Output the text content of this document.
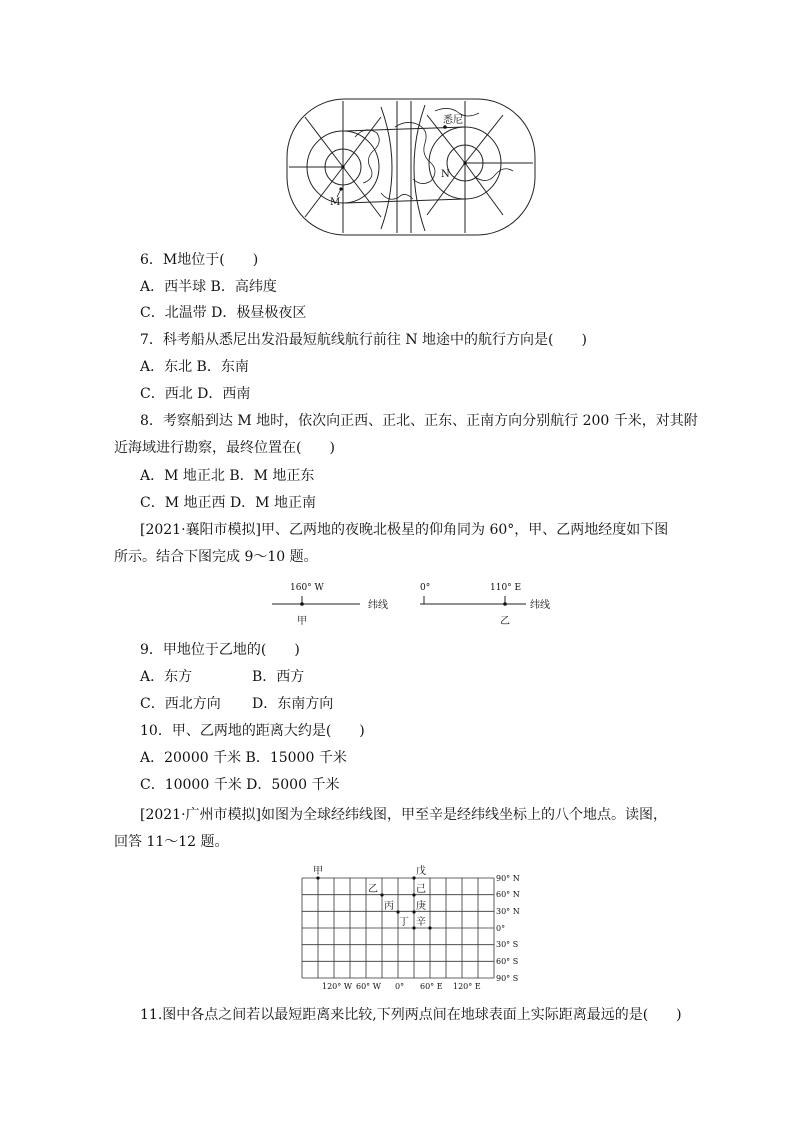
悉尼
M
N
6．M地位于(　　)
A．西半球 B．高纬度
C．北温带 D．极昼极夜区
7．科考船从悉尼出发沿最短航线航行前往 N 地途中的航行方向是(　　)
A．东北 B．东南
C．西北 D．西南
8．考察船到达 M 地时，依次向正西、正北、正东、正南方向分别航行 200 千米，对其附
近海域进行勘察，最终位置在(　　)
A．M 地正北 B．M 地正东
C．M 地正西 D．M 地正南
[2021·襄阳市模拟]甲、乙两地的夜晚北极星的仰角同为 60°，甲、乙两地经度如下图
所示。结合下图完成 9～10 题。
160° W
纬线
甲
0°	110° E
纬线
乙
9．甲地位于乙地的(　　)
A．东方	B．西方
C．西北方向 D．东南方向
10．甲、乙两地的距离大约是(　　)
A．20000 千米 B．15000 千米
C．10000 千米 D．5000 千米
[2021·广州市模拟]如图为全球经纬线图，甲至辛是经纬线坐标上的八个地点。读图，
回答 11～12 题。
90° N
60° N
30° N
0°
30° S
60° S
90° S
120° W 60° W 0° 60° E 120° E
甲
乙
丙
丁
戊
己
庚
辛
11.图中各点之间若以最短距离来比较,下列两点间在地球表面上实际距离最远的是(　　)
